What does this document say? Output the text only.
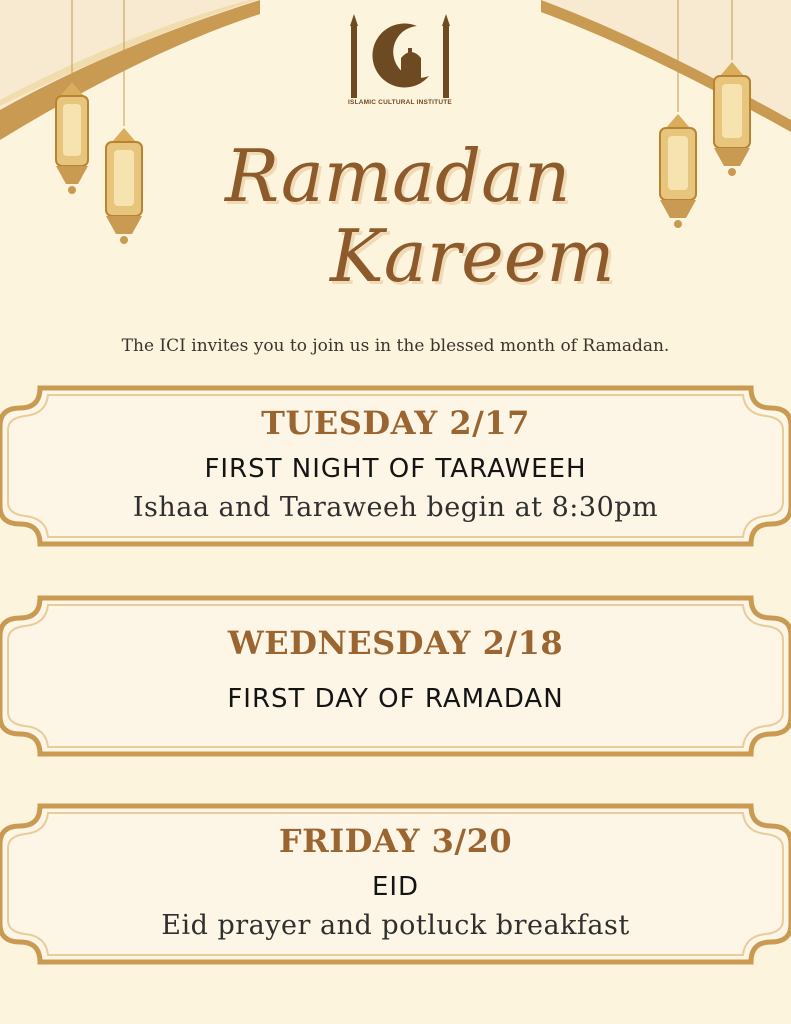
ISLAMIC CULTURAL INSTITUTE
Ramadan
Kareem
The ICI invites you to join us in the blessed month of Ramadan.
TUESDAY 2/17
FIRST NIGHT OF TARAWEEH
Ishaa and Taraweeh begin at 8:30pm
WEDNESDAY 2/18
FIRST DAY OF RAMADAN
FRIDAY 3/20
EID
Eid prayer and potluck breakfast
